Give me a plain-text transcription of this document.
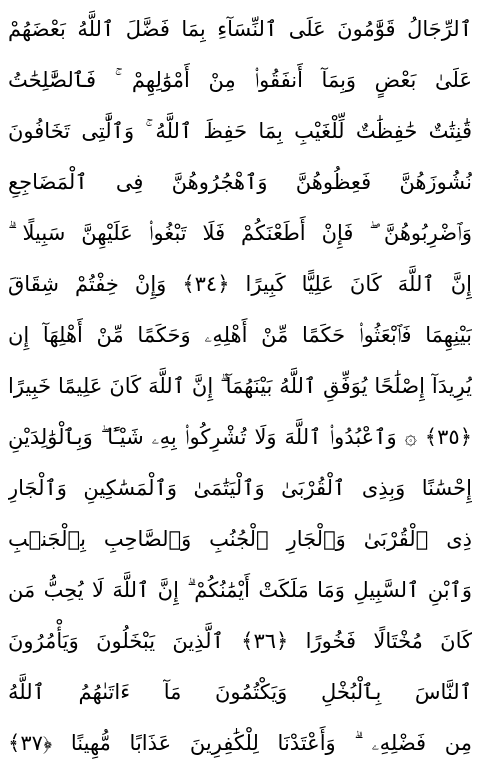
ٱلرِّجَالُ قَوَّٰمُونَ عَلَى ٱلنِّسَآءِ بِمَا فَضَّلَ ٱللَّهُ بَعْضَهُمْ
عَلَىٰ بَعْضٍ وَبِمَآ أَنفَقُوا۟ مِنْ أَمْوَٰلِهِمْ ۚ فَٱلصَّٰلِحَٰتُ
قَٰنِتَٰتٌ حَٰفِظَٰتٌ لِّلْغَيْبِ بِمَا حَفِظَ ٱللَّهُ ۚ وَٱلَّٰتِى تَخَافُونَ
نُشُوزَهُنَّ فَعِظُوهُنَّ وَٱهْجُرُوهُنَّ فِى ٱلْمَضَاجِعِ
وَٱضْرِبُوهُنَّ ۖ فَإِنْ أَطَعْنَكُمْ فَلَا تَبْغُوا۟ عَلَيْهِنَّ سَبِيلًا ۗ
إِنَّ ٱللَّهَ كَانَ عَلِيًّا كَبِيرًا ﴿٣٤﴾ وَإِنْ خِفْتُمْ شِقَاقَ
بَيْنِهِمَا فَٱبْعَثُوا۟ حَكَمًا مِّنْ أَهْلِهِۦ وَحَكَمًا مِّنْ أَهْلِهَآ إِن
يُرِيدَآ إِصْلَٰحًا يُوَفِّقِ ٱللَّهُ بَيْنَهُمَآ ۗ إِنَّ ٱللَّهَ كَانَ عَلِيمًا خَبِيرًا
﴿٣٥﴾ ۞ وَٱعْبُدُوا۟ ٱللَّهَ وَلَا تُشْرِكُوا۟ بِهِۦ شَيْـًٔا ۖ وَبِٱلْوَٰلِدَيْنِ
إِحْسَٰنًا وَبِذِى ٱلْقُرْبَىٰ وَٱلْيَتَٰمَىٰ وَٱلْمَسَٰكِينِ وَٱلْجَارِ
ذِى ٱلْقُرْبَىٰ وَٱلْجَارِ ٱلْجُنُبِ وَٱلصَّاحِبِ بِٱلْجَنۢبِ
وَٱبْنِ ٱلسَّبِيلِ وَمَا مَلَكَتْ أَيْمَٰنُكُمْ ۗ إِنَّ ٱللَّهَ لَا يُحِبُّ مَن
كَانَ مُخْتَالًا فَخُورًا ﴿٣٦﴾ ٱلَّذِينَ يَبْخَلُونَ وَيَأْمُرُونَ
ٱلنَّاسَ بِٱلْبُخْلِ وَيَكْتُمُونَ مَآ ءَاتَىٰهُمُ ٱللَّهُ
مِن فَضْلِهِۦ ۗ وَأَعْتَدْنَا لِلْكَٰفِرِينَ عَذَابًا مُّهِينًا ﴿٣٧﴾
